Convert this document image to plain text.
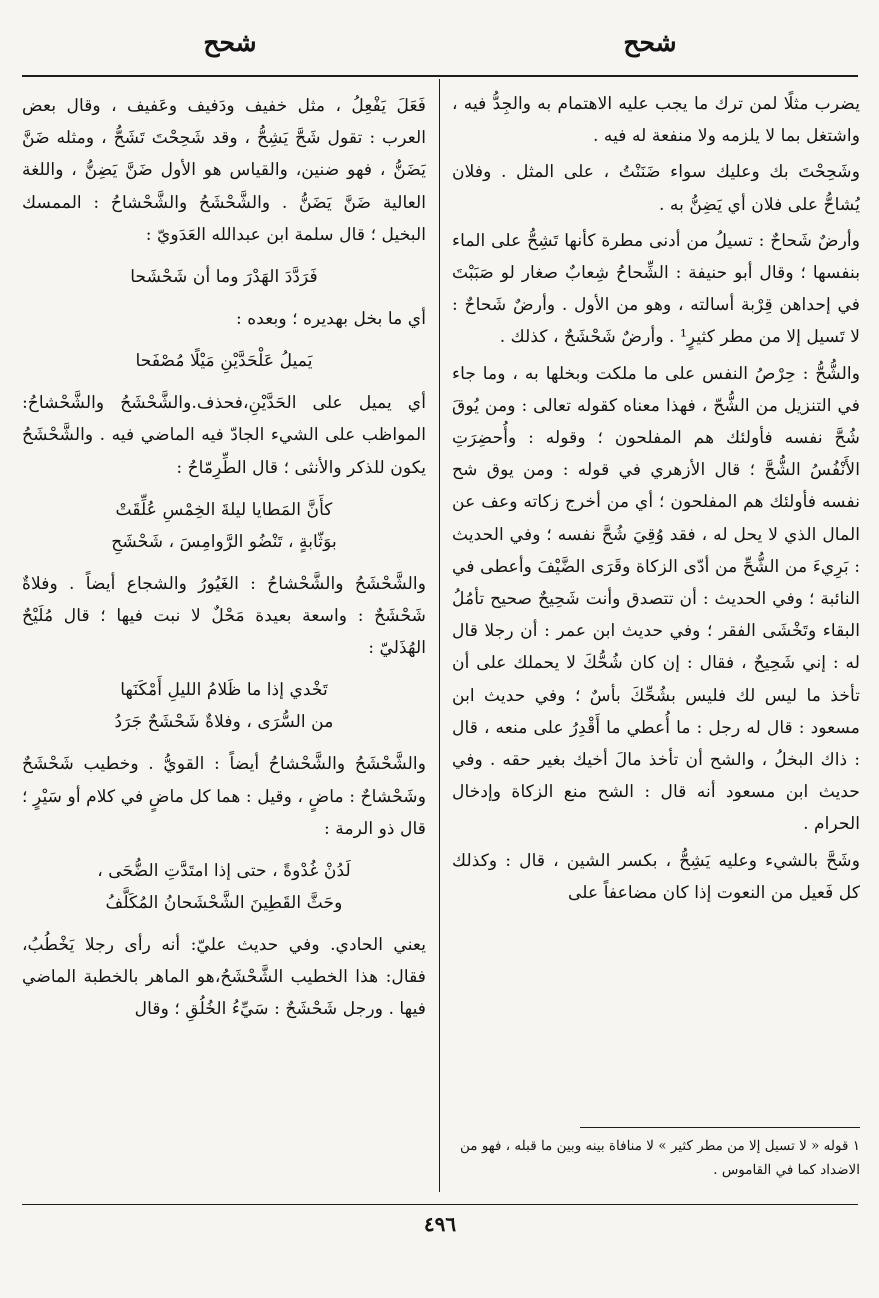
شحح
شحح

يضرب مثلًا لمن ترك ما يجب عليه الاهتمام به والجِدُّ فيه ، واشتغل بما لا يلزمه ولا منفعة له فيه .

وشَحِحْتَ بك وعليك سواء ضَنَنْتُ ، على المثل . وفلان يُشاحُّ على فلان أي يَضِنُّ به .

وأرضٌ شَحاحٌ : تسيلُ من أدنى مطرة كأنها تَشِحُّ على الماء بنفسها ؛ وقال أبو حنيفة : الشِّحاحُ شِعابٌ صغار لو صَبَبْتَ في إحداهن قِرْبة أسالته ، وهو من الأول . وأرضٌ شَحاحٌ : لا تَسيل إلا من مطر كثيرٍ¹ . وأرضٌ شَحْشَحٌ ، كذلك .

والشُّحُّ : حِرْصُ النفس على ما ملكت وبخلها به ، وما جاء في التنزيل من الشُّحّ ، فهذا معناه كقوله تعالى : ومن يُوقَ شُحَّ نفسه فأولئك هم المفلحون ؛ وقوله : وأُحضِرَتِ الأَنْفُسُ الشُّحَّ ؛ قال الأزهري في قوله : ومن يوق شح نفسه فأولئك هم المفلحون ؛ أي من أخرج زكاته وعف عن المال الذي لا يحل له ، فقد وُقِيَ شُحَّ نفسه ؛ وفي الحديث : بَرِيءَ من الشُّحِّ من أدّى الزكاة وقَرَى الضَّيْفَ وأعطى في النائبة ؛ وفي الحديث : أن تتصدق وأنت شَحِيحٌ صحيح تأمُلُ البقاء وتَخْشَى الفقر ؛ وفي حديث ابن عمر : أن رجلا قال له : إني شَحِيحٌ ، فقال : إن كان شُحُّكَ لا يحملك على أن تأخذ ما ليس لك فليس بشُحِّكَ بأسٌ ؛ وفي حديث ابن مسعود : قال له رجل : ما أُعطي ما أَقْدِرُ على منعه ، قال : ذاك البخلُ ، والشح أن تأخذ مالَ أخيك بغير حقه . وفي حديث ابن مسعود أنه قال : الشح منع الزكاة وإدخال الحرام .

وشَحَّ بالشيء وعليه يَشِحُّ ، بكسر الشين ، قال : وكذلك كل فَعيل من النعوت إذا كان مضاعفاً على

١ قوله « لا تسيل إلا من مطر كثير » لا منافاة بينه وبين ما قبله ، فهو من الاضداد كما في القاموس .

فَعَلَ يَفْعِلُ ، مثل خفيف ودَفيف وعَفيف ، وقال بعض العرب : تقول شَحَّ يَشِحُّ ، وقد شَحِحْتَ تَشَحُّ ، ومثله ضَنَّ يَضَنُّ ، فهو ضنين، والقياس هو الأول ضَنَّ يَضِنُّ ، واللغة العالية ضَنَّ يَضَنُّ . والشَّحْشَحُ والشَّحْشاحُ : الممسك البخيل ؛ قال سلمة ابن عبدالله العَدَويّ :

فَرَدَّدَ الهَدْرَ وما أن شَحْشَحا

أي ما بخل بهديره ؛ وبعده :

يَميلُ عَلْحَدَّيْنِ مَيْلًا مُصْفَحا

أي يميل على الحَدَّيْنِ،فحذف.والشَّحْشَحُ والشَّحْشاحُ: المواظب على الشيء الجادّ فيه الماضي فيه . والشَّحْشَحُ يكون للذكر والأنثى ؛ قال الطِّرِمّاحُ :

كأَنَّ المَطايا ليلةَ الخِمْسِ عُلِّقَتْ
بوَثّابةٍ ، تَنْضُو الرَّوامِسَ ، شَحْشَحِ

والشَّحْشَحُ والشَّحْشاحُ : الغَيُورُ والشجاع أيضاً . وفلاةٌ شَحْشَحٌ : واسعة بعيدة مَحْلٌ لا نبت فيها ؛ قال مُلَيْحٌ الهُذَليّ :

تَخْدي إذا ما ظَلامُ الليلِ أَمْكَنَها
من السُّرَى ، وفلاةٌ شَحْشَحٌ جَرَدُ

والشَّحْشَحُ والشَّحْشاحُ أيضاً : القويُّ . وخطيب شَحْشَحٌ وشَحْشاحٌ : ماضٍ ، وقيل : هما كل ماضٍ في كلام أو سَيْرٍ ؛ قال ذو الرمة :

لَدُنْ غُدْوةً ، حتى إذا امتَدَّتِ الضُّحَى ،
وحَثَّ القَطِينَ الشَّحْشَحانُ المُكَلَّفُ

يعني الحادي. وفي حديث عليّ: أنه رأى رجلا يَخْطُبُ، فقال: هذا الخطيب الشَّحْشَحُ،هو الماهر بالخطبة الماضي فيها . ورجل شَحْشَحٌ : سَيِّءُ الخُلُقِ ؛ وقال

٤٩٦
